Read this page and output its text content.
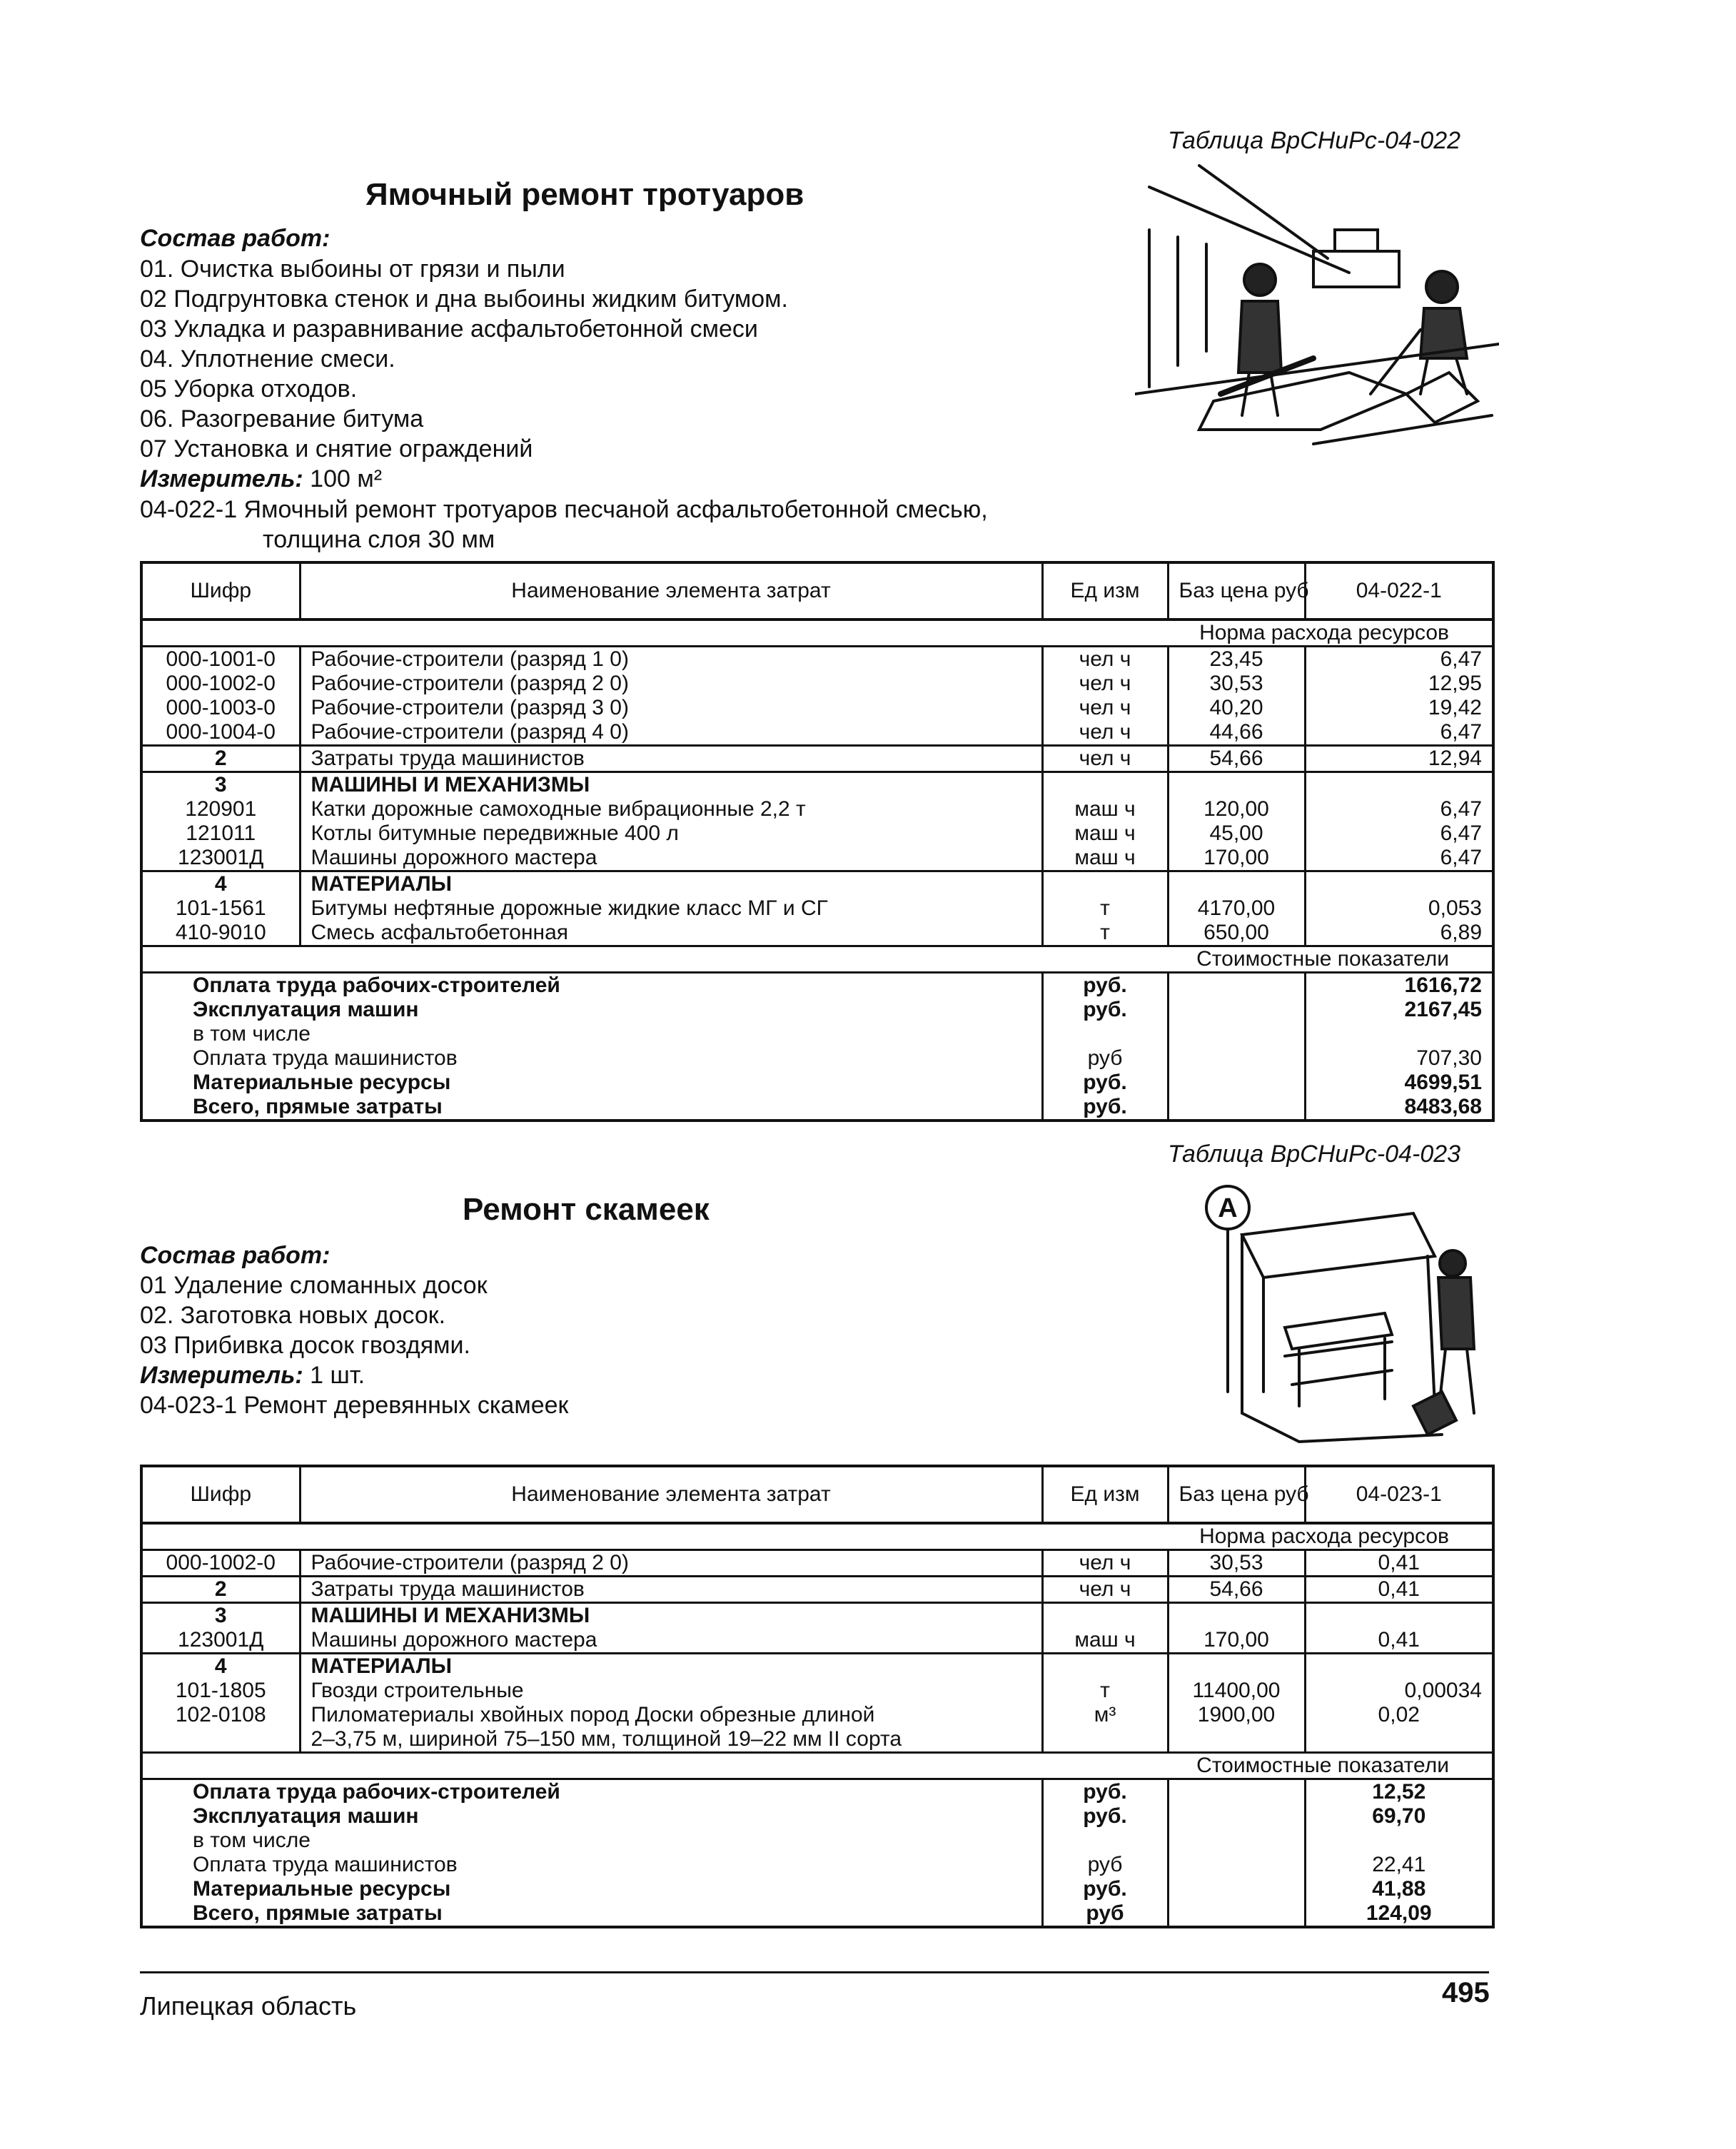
Таблица ВрСНиРс-04-022
Ямочный ремонт тротуаров
Состав работ:
01. Очистка выбоины от грязи и пыли
02 Подгрунтовка стенок и дна выбоины жидким битумом.
03 Укладка и разравнивание асфальтобетонной смеси
04. Уплотнение смеси.
05 Уборка отходов.
06. Разогревание битума
07 Установка и снятие ограждений
Измеритель: 100 м²
04-022-1 Ямочный ремонт тротуаров песчаной асфальтобетонной смесью,
толщина слоя 30 мм
Шифр	Наименование элемента затрат	Ед изм	Баз цена руб	04-022-1
Норма расхода ресурсов				
000-1001-0	Рабочие-строители (разряд 1 0)	чел ч	23,45	6,47
000-1002-0	Рабочие-строители (разряд 2 0)	чел ч	30,53	12,95
000-1003-0	Рабочие-строители (разряд 3 0)	чел ч	40,20	19,42
000-1004-0	Рабочие-строители (разряд 4 0)	чел ч	44,66	6,47
2	Затраты труда машинистов	чел ч	54,66	12,94
3	МАШИНЫ И МЕХАНИЗМЫ			
120901	Катки дорожные самоходные вибрационные 2,2 т	маш ч	120,00	6,47
121011	Котлы битумные передвижные 400 л	маш ч	45,00	6,47
123001Д	Машины дорожного мастера	маш ч	170,00	6,47
4	МАТЕРИАЛЫ			
101-1561	Битумы нефтяные дорожные жидкие класс МГ и СГ	т	4170,00	0,053
410-9010	Смесь асфальтобетонная	т	650,00	6,89
Стоимостные показатели				
Оплата труда рабочих-строителей		руб.		1616,72
Эксплуатация машин		руб.		2167,45
в том числе				
Оплата труда машинистов		руб		707,30
Материальные ресурсы		руб.		4699,51
Всего, прямые затраты		руб.		8483,68
Таблица ВрСНиРс-04-023
Ремонт скамеек
Состав работ:
01 Удаление сломанных досок
02. Заготовка новых досок.
03 Прибивка досок гвоздями.
Измеритель: 1 шт.
04-023-1 Ремонт деревянных скамеек
A
Шифр	Наименование элемента затрат	Ед изм	Баз цена руб	04-023-1
Норма расхода ресурсов				
000-1002-0	Рабочие-строители (разряд 2 0)	чел ч	30,53	0,41
2	Затраты труда машинистов	чел ч	54,66	0,41
3	МАШИНЫ И МЕХАНИЗМЫ			
123001Д	Машины дорожного мастера	маш ч	170,00	0,41
4	МАТЕРИАЛЫ			
101-1805	Гвозди строительные	т	11400,00	0,00034
102-0108	Пиломатериалы хвойных пород Доски обрезные длиной	м³	1900,00	0,02
	2–3,75 м, шириной 75–150 мм, толщиной 19–22 мм II сорта			
Стоимостные показатели				
Оплата труда рабочих-строителей		руб.		12,52
Эксплуатация машин		руб.		69,70
в том числе				
Оплата труда машинистов		руб		22,41
Материальные ресурсы		руб.		41,88
Всего, прямые затраты		руб		124,09
Липецкая область	495
